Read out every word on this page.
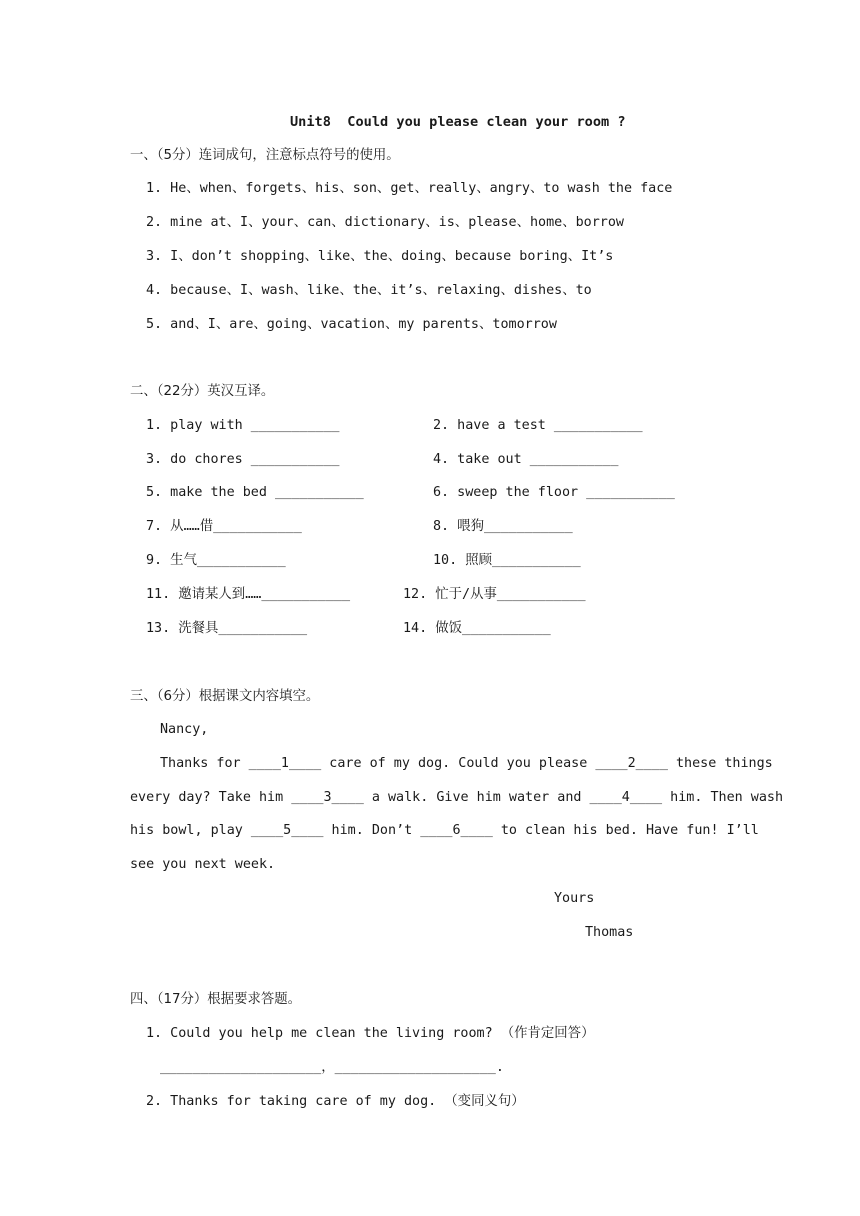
Unit8  Could you please clean your room ?
一、（5分）连词成句，注意标点符号的使用。
1. He、when、forgets、his、son、get、really、angry、to wash the face
2. mine at、I、your、can、dictionary、is、please、home、borrow
3. I、don’t shopping、like、the、doing、because boring、It’s
4. because、I、wash、like、the、it’s、relaxing、dishes、to
5. and、I、are、going、vacation、my parents、tomorrow
二、（22分）英汉互译。
1. play with ___________	2. have a test ___________
3. do chores ___________	4. take out ___________
5. make the bed ___________	6. sweep the floor ___________
7. 从……借___________	8. 喂狗___________
9. 生气___________	10. 照顾___________
11. 邀请某人到……___________	12. 忙于/从事___________
13. 洗餐具___________	14. 做饭___________
三、（6分）根据课文内容填空。
Nancy,
Thanks for ____1____ care of my dog. Could you please ____2____ these things
every day? Take him ____3____ a walk. Give him water and ____4____ him. Then wash
his bowl, play ____5____ him. Don’t ____6____ to clean his bed. Have fun! I’ll
see you next week.
Yours
Thomas
四、（17分）根据要求答题。
1. Could you help me clean the living room? （作肯定回答）
____________________，____________________.
2. Thanks for taking care of my dog. （变同义句）
